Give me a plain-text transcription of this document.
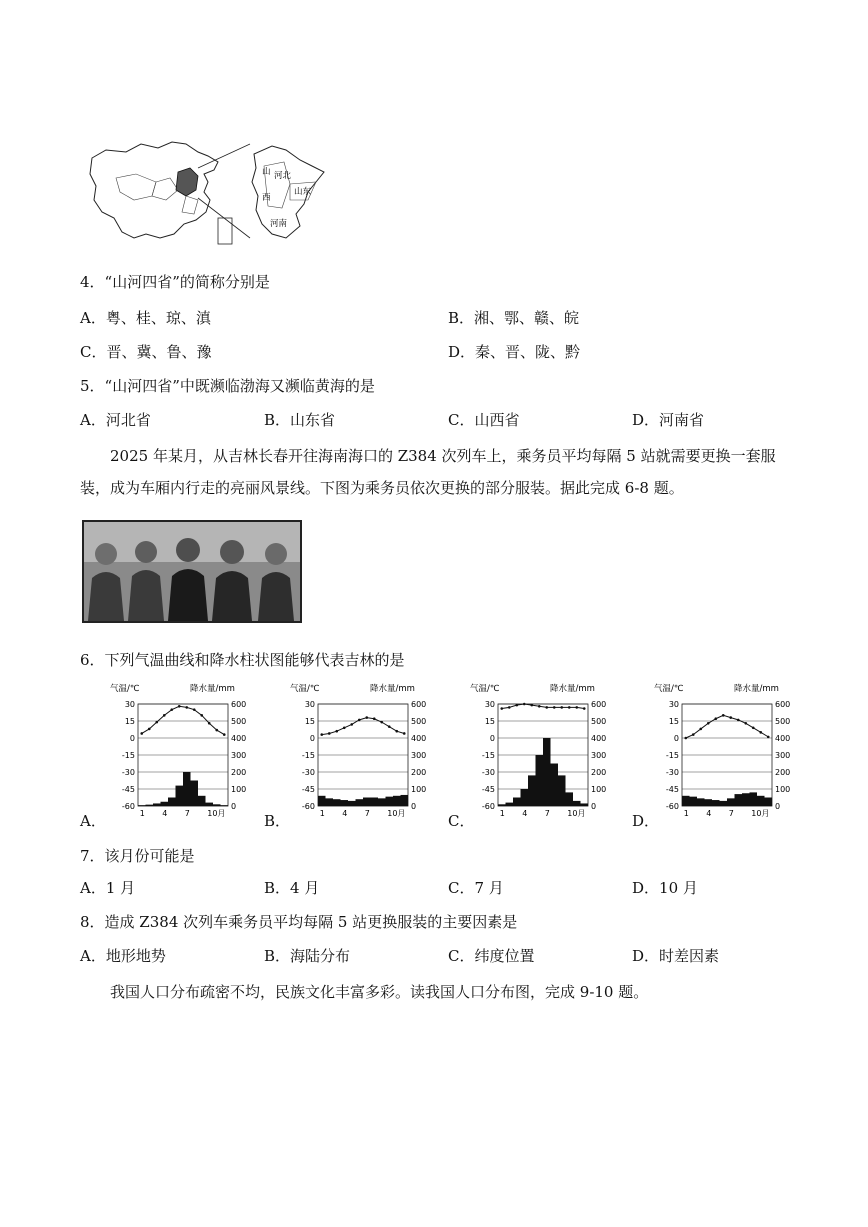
山
西
河北
山东
河南
4．“山河四省”的简称分别是
A．粤、桂、琼、滇	B．湘、鄂、赣、皖
C．晋、冀、鲁、豫	D．秦、晋、陇、黔
5．“山河四省”中既濒临渤海又濒临黄海的是
A．河北省	B．山东省	C．山西省	D．河南省
2025 年某月，从吉林长春开往海南海口的 Z384 次列车上，乘务员平均每隔 5 站就需要更换一套服装，成为车厢内行走的亮丽风景线。下图为乘务员依次更换的部分服装。据此完成 6-8 题。
6．下列气温曲线和降水柱状图能够代表吉林的是
A．	B．	C．	D．
气温/℃	降水量/mm
30	600
15	500
0	400
-15	300
-30	200
-45	100
-60	0
1 4 7 10月
气温/℃	降水量/mm
30	600
15	500
0	400
-15	300
-30	200
-45	100
-60	0
1 4 7 10月
气温/℃	降水量/mm
30	600
15	500
0	400
-15	300
-30	200
-45	100
-60	0
1 4 7 10月
气温/℃	降水量/mm
30	600
15	500
0	400
-15	300
-30	200
-45	100
-60	0
1 4 7 10月
7．该月份可能是
A．1 月	B．4 月	C．7 月	D．10 月
8．造成 Z384 次列车乘务员平均每隔 5 站更换服装的主要因素是
A．地形地势	B．海陆分布	C．纬度位置	D．时差因素
我国人口分布疏密不均，民族文化丰富多彩。读我国人口分布图，完成 9-10 题。
